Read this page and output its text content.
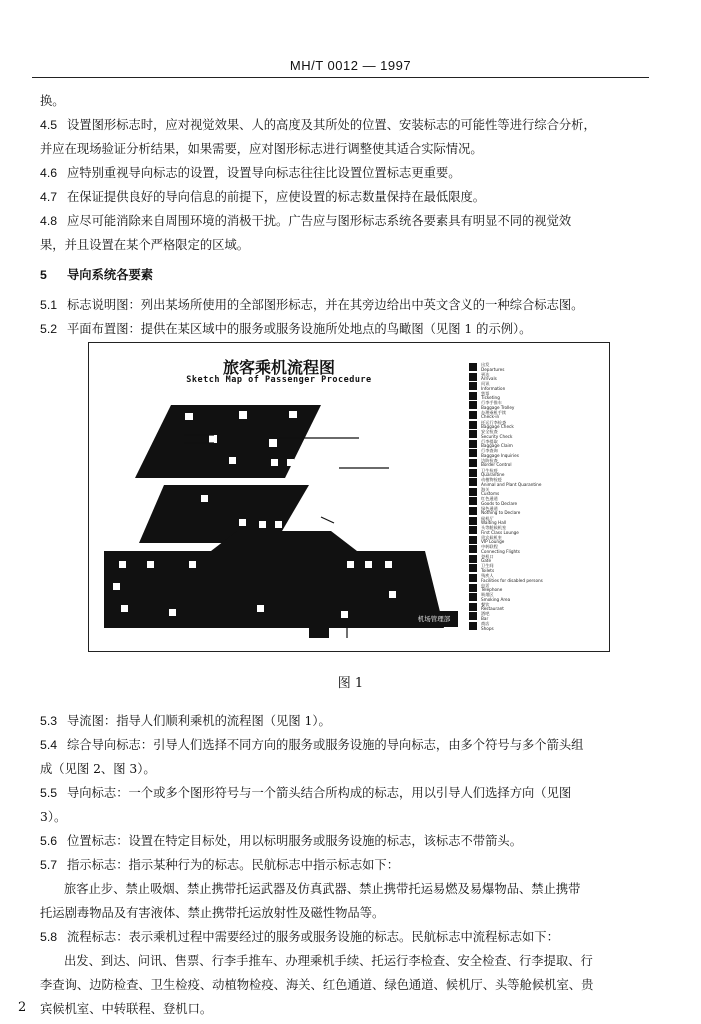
MH/T 0012 — 1997
换。
4.5 设置图形标志时，应对视觉效果、人的高度及其所处的位置、安装标志的可能性等进行综合分析，
并应在现场验证分析结果，如果需要，应对图形标志进行调整使其适合实际情况。
4.6 应特别重视导向标志的设置，设置导向标志往往比设置位置标志更重要。
4.7 在保证提供良好的导向信息的前提下，应使设置的标志数量保持在最低限度。
4.8 应尽可能消除来自周围环境的消极干扰。广告应与图形标志系统各要素具有明显不同的视觉效
果，并且设置在某个严格限定的区域。
5 导向系统各要素
5.1 标志说明图：列出某场所使用的全部图形标志，并在其旁边给出中英文含义的一种综合标志图。
5.2 平面布置图：提供在某区域中的服务或服务设施所处地点的鸟瞰图（见图 1 的示例）。
旅客乘机流程图
Sketch Map of Passenger Procedure
机场管理部
出发
Departures
到达
Arrivals
问讯
Information
售票
Ticketing
行李手推车
Baggage Trolley
办理乘机手续
Check-in
托运行李检查
Baggage Check
安全检查
Security Check
行李提取
Baggage Claim
行李查询
Baggage Inquiries
边防检查
Border Control
卫生检疫
Quarantine
动植物检疫
Animal and Plant Quarantine
海关
Customs
红色通道
Goods to Declare
绿色通道
Nothing to Declare
候机厅
Waiting Hall
头等舱候机室
First Class Lounge
贵宾候机室
VIP Lounge
中转联程
Connecting Flights
登机口
Gate
卫生间
Toilets
残疾人
Facilities for disabled persons
电话
Telephone
吸烟区
Smoking Area
餐饮
Restaurant
酒吧
Bar
商店
Shops
图 1
5.3 导流图：指导人们顺利乘机的流程图（见图 1）。
5.4 综合导向标志：引导人们选择不同方向的服务或服务设施的导向标志，由多个符号与多个箭头组
成（见图 2、图 3）。
5.5 导向标志：一个或多个图形符号与一个箭头结合所构成的标志，用以引导人们选择方向（见图
3）。
5.6 位置标志：设置在特定目标处，用以标明服务或服务设施的标志，该标志不带箭头。
5.7 指示标志：指示某种行为的标志。民航标志中指示标志如下：
旅客止步、禁止吸烟、禁止携带托运武器及仿真武器、禁止携带托运易燃及易爆物品、禁止携带
托运剧毒物品及有害液体、禁止携带托运放射性及磁性物品等。
5.8 流程标志：表示乘机过程中需要经过的服务或服务设施的标志。民航标志中流程标志如下：
出发、到达、问讯、售票、行李手推车、办理乘机手续、托运行李检查、安全检查、行李提取、行
李查询、边防检查、卫生检疫、动植物检疫、海关、红色通道、绿色通道、候机厅、头等舱候机室、贵
宾候机室、中转联程、登机口。
2
